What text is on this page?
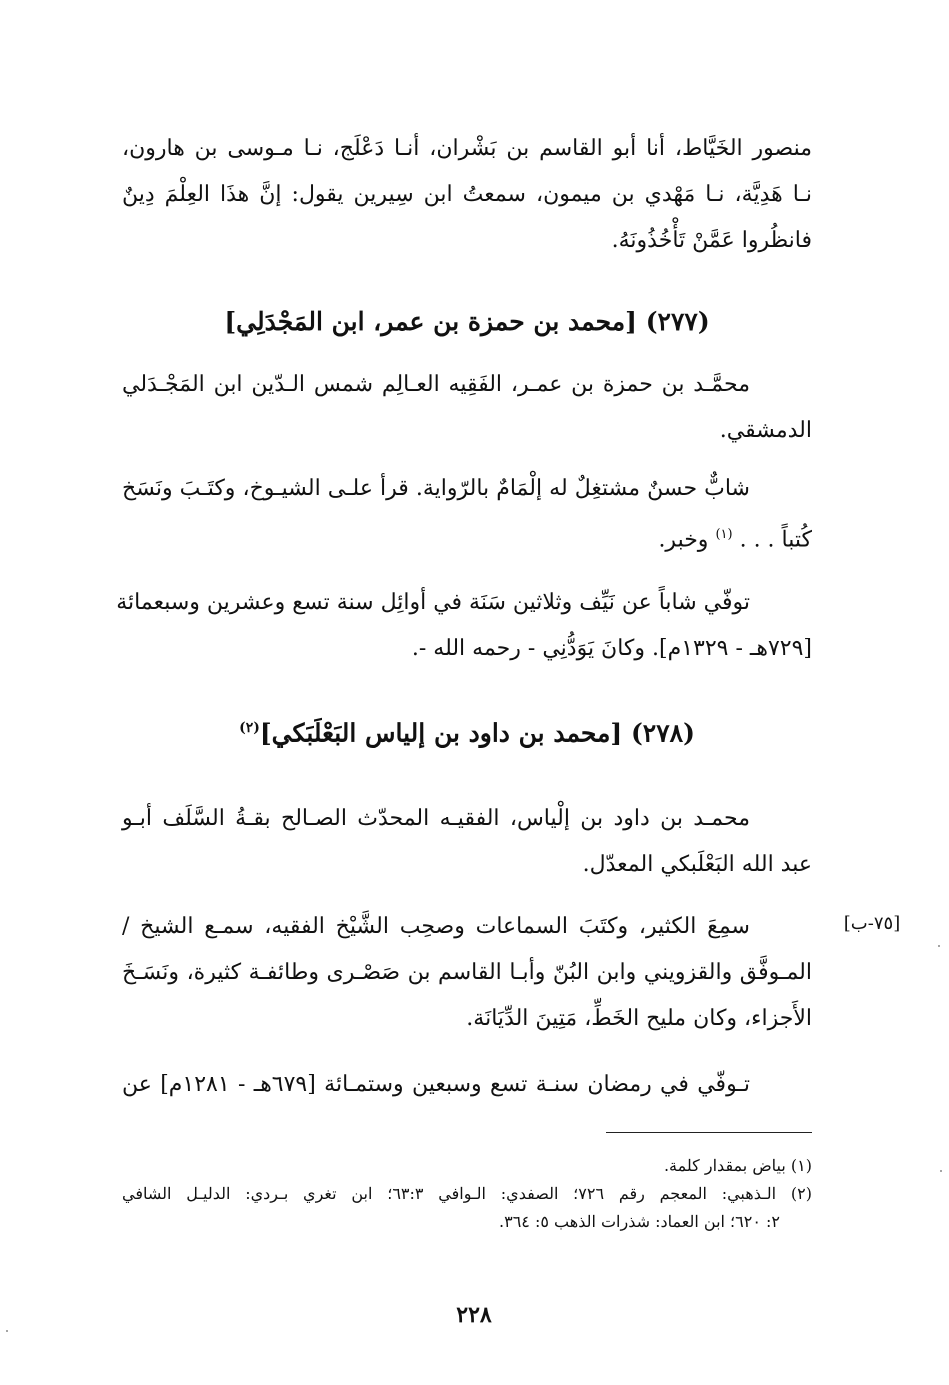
منصور الخَيَّاط، أنا أبو القاسم بن بَشْران، أنـا دَعْلَج، نـا مـوسى بن هارون،
نـا هَدِيَّة، نـا مَهْدي بن ميمون، سمعتُ ابن سِيرين يقول: إنَّ هذَا العِلْمَ دِينٌ
فانظُروا عَمَّنْ تَأْخُذُونَهُ.
(٢٧٧) [محمد بن حمزة بن عمر، ابن المَجْدَلِي]
محمَّـد بن حمزة بن عمـر، الفَقِيه العـالِم شمس الـدّين ابن المَجْـدَلي
الدمشقي.
شابٌّ حسنٌ مشتغِلٌ له إلْمَامٌ بالرّواية. قرأ علـى الشيـوخ، وكتَـبَ ونَسَخ
كُتباً . . . $^{(١)}$ وخبر.
توفّي شاباً عن نَيِّف وثلاثين سَنَة في أوائِل سنة تسع وعشرين وسبعمائة
[٧٢٩هـ - ١٣٢٩م]. وكانَ يَوَدُّنِي - رحمه الله -.
(٢٧٨) [محمد بن داود بن إلياس البَعْلَبَكي]$^{(٢)}$
محمـد بن داود بن إلْياس، الفقيـه المحدّث الصـالح بقـةُ السَّلَف أبـو
عبد الله البَعْلَبكي المعدّل.
سمِعَ الكثير، وكتَبَ السماعات وصحِب الشَّيْخ الفقيه، سمـع الشيخ /
المـوفَّق والقزويني وابن البُنّ وأبـا القاسم بن صَصْـرى وطائفـة كثيرة، ونَسَـخَ
الأَجزاء، وكان مليح الخَطِّ، مَتِينَ الدِّيَانَة.
[٧٥-ب]
تـوفّي في رمضان سنـة تسع وسبعين وستمـائة [٦٧٩هـ - ١٢٨١م] عن
(١) بياض بمقدار كلمة.
(٢) الـذهبي: المعجم رقم ٧٢٦؛ الصفدي: الـوافي ٦٣:٣؛ ابن تغري بـردي: الدليـل الشافي
٢: ٦٢٠؛ ابن العماد: شذرات الذهب ٥: ٣٦٤.
٢٢٨
